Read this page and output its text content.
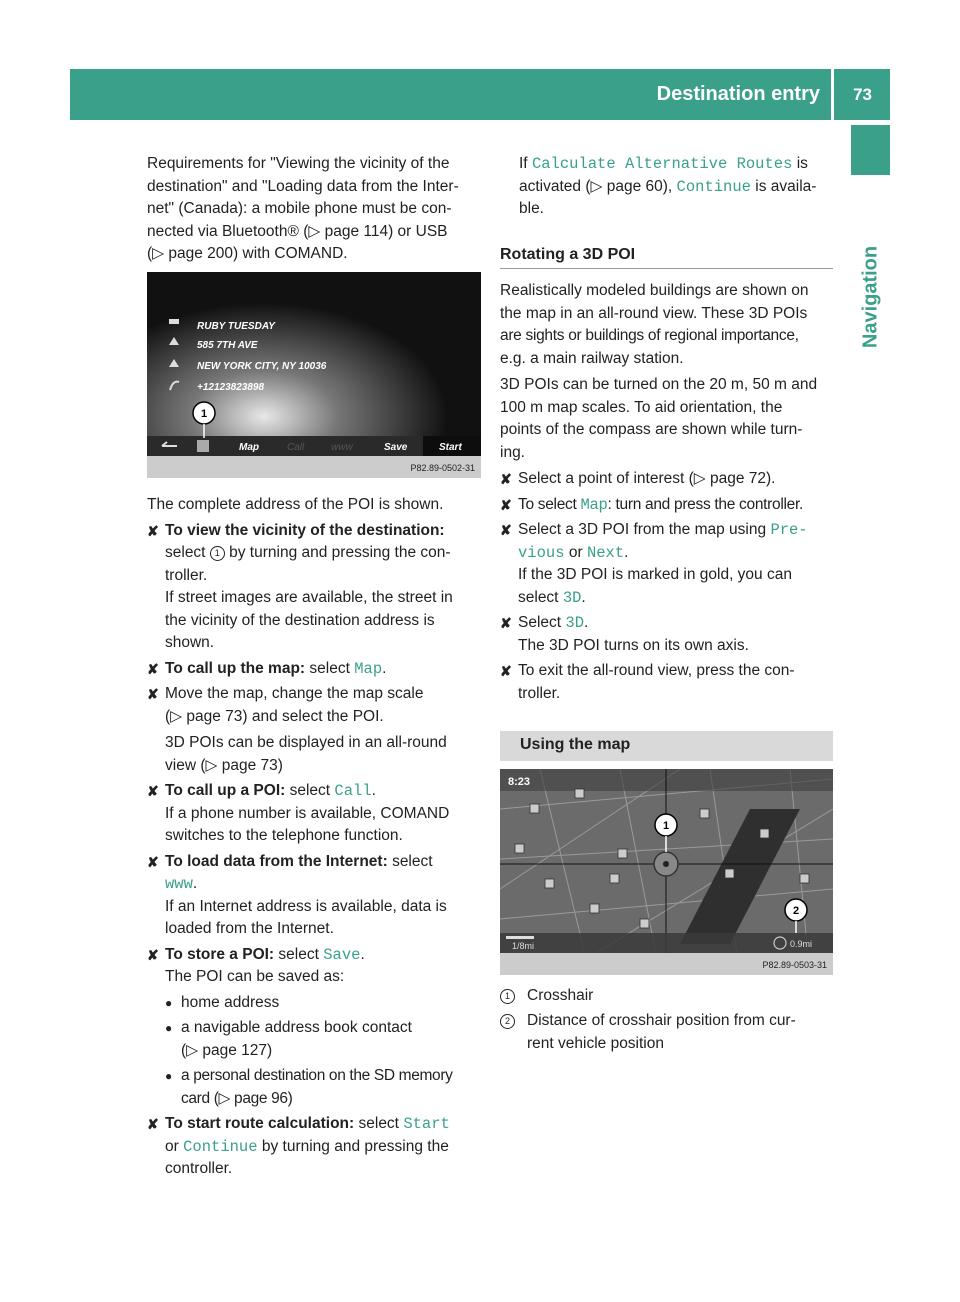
Destination entry 73
Navigation

Requirements for "Viewing the vicinity of the

destination" and "Loading data from the Inter-

net" (Canada): a mobile phone must be con-

nected via Bluetooth® (▷ page 114) or USB

(▷ page 200) with COMAND.

RUBY TUESDAY
585 7TH AVE
NEW YORK CITY, NY 10036
+12123823898
1
Map	Call	www	Save	Start
P82.89-0502-31

The complete address of the POI is shown.

✘ To view the vicinity of the destination:
select 1 by turning and pressing the con-
troller.
If street images are available, the street in
the vicinity of the destination address is
shown.
✘ To call up the map: select Map.
✘ Move the map, change the map scale
(▷ page 73) and select the POI.
3D POIs can be displayed in an all-round
view (▷ page 73)
✘ To call up a POI: select Call.
If a phone number is available, COMAND
switches to the telephone function.
✘ To load data from the Internet: select
www.
If an Internet address is available, data is
loaded from the Internet.
✘ To store a POI: select Save.
The POI can be saved as:
● home address
● a navigable address book contact
(▷ page 127)
● a personal destination on the SD memory
card (▷ page 96)
✘ To start route calculation: select Start
or Continue by turning and pressing the
controller.
If Calculate Alternative Routes is
activated (▷ page 60), Continue is availa-
ble.
Rotating a 3D POI

Realistically modeled buildings are shown on

the map in an all-round view. These 3D POIs

are sights or buildings of regional importance,

e.g. a main railway station.

3D POIs can be turned on the 20 m, 50 m and

100 m map scales. To aid orientation, the

points of the compass are shown while turn-

ing.

✘ Select a point of interest (▷ page 72).
✘ To select Map: turn and press the controller.
✘ Select a 3D POI from the map using Pre‐
vious or Next.
If the 3D POI is marked in gold, you can
select 3D.
✘ Select 3D.
The 3D POI turns on its own axis.
✘ To exit the all-round view, press the con-
troller.
Using the map
8:23
1
2
1/8mi	0.9mi
P82.89-0503-31
1	Crosshair
2	Distance of crosshair position from cur-
rent vehicle position
